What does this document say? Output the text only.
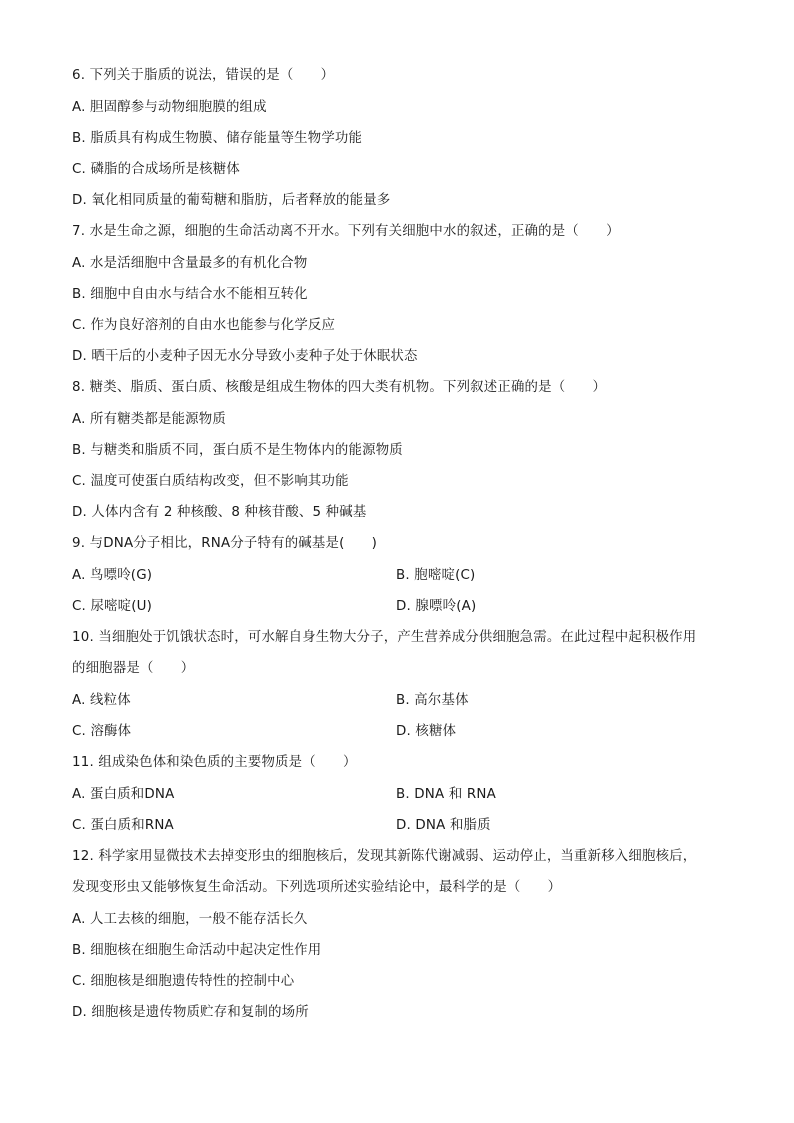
6. 下列关于脂质的说法，错误的是（　　）
A. 胆固醇参与动物细胞膜的组成
B. 脂质具有构成生物膜、储存能量等生物学功能
C. 磷脂的合成场所是核糖体
D. 氧化相同质量的葡萄糖和脂肪，后者释放的能量多
7. 水是生命之源，细胞的生命活动离不开水。下列有关细胞中水的叙述，正确的是（　　）
A. 水是活细胞中含量最多的有机化合物
B. 细胞中自由水与结合水不能相互转化
C. 作为良好溶剂的自由水也能参与化学反应
D. 晒干后的小麦种子因无水分导致小麦种子处于休眠状态
8. 糖类、脂质、蛋白质、核酸是组成生物体的四大类有机物。下列叙述正确的是（　　）
A. 所有糖类都是能源物质
B. 与糖类和脂质不同，蛋白质不是生物体内的能源物质
C. 温度可使蛋白质结构改变，但不影响其功能
D. 人体内含有 2 种核酸、8 种核苷酸、5 种碱基
9. 与DNA分子相比，RNA分子特有的碱基是(　　)
A. 鸟嘌呤(G)	B. 胞嘧啶(C)
C. 尿嘧啶(U)	D. 腺嘌呤(A)
10. 当细胞处于饥饿状态时，可水解自身生物大分子，产生营养成分供细胞急需。在此过程中起积极作用
的细胞器是（　　）
A. 线粒体	B. 高尔基体
C. 溶酶体	D. 核糖体
11. 组成染色体和染色质的主要物质是（　　）
A. 蛋白质和DNA	B. DNA 和 RNA
C. 蛋白质和RNA	D. DNA 和脂质
12. 科学家用显微技术去掉变形虫的细胞核后，发现其新陈代谢减弱、运动停止，当重新移入细胞核后，
发现变形虫又能够恢复生命活动。下列选项所述实验结论中，最科学的是（　　）
A. 人工去核的细胞，一般不能存活长久
B. 细胞核在细胞生命活动中起决定性作用
C. 细胞核是细胞遗传特性的控制中心
D. 细胞核是遗传物质贮存和复制的场所
